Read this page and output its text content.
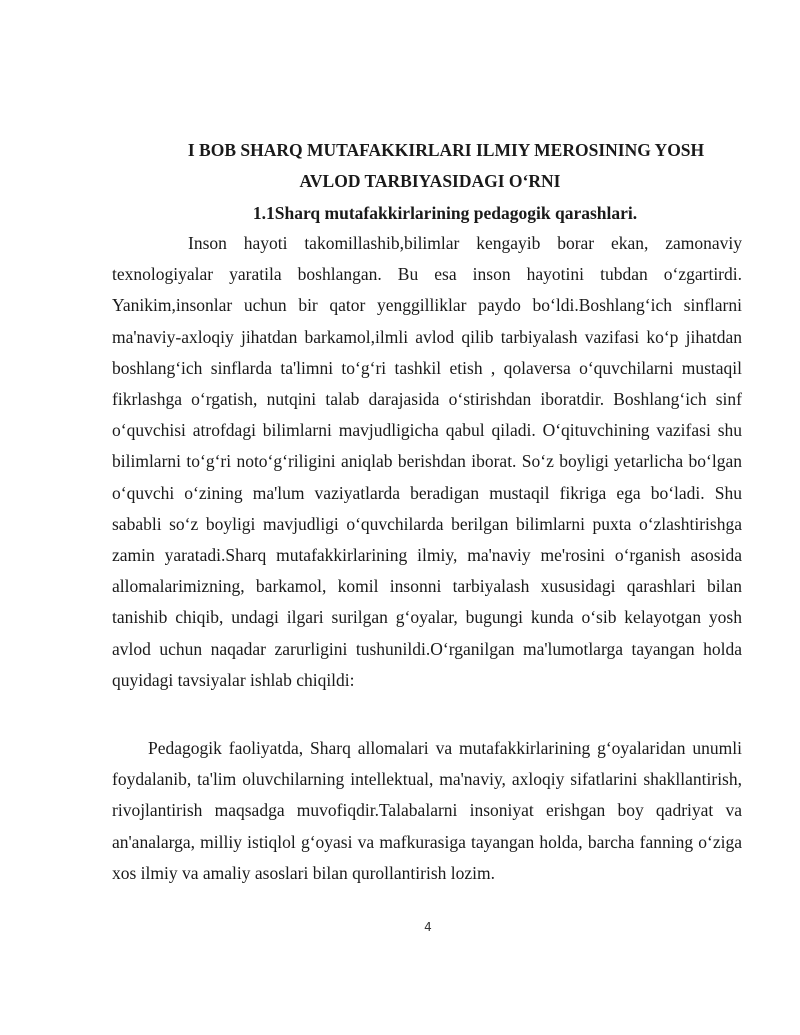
I BOB SHARQ MUTAFAKKIRLARI ILMIY MEROSINING YOSH
AVLOD TARBIYASIDAGI O‘RNI
1.1Sharq mutafakkirlarining pedagogik qarashlari.

Inson hayoti takomillashib,bilimlar kengayib borar ekan, zamonaviy texnologiyalar yaratila boshlangan. Bu esa inson hayotini tubdan o‘zgartirdi. Yanikim,insonlar uchun bir qator yenggilliklar paydo bo‘ldi.Boshlang‘ich sinflarni ma'naviy-axloqiy jihatdan barkamol,ilmli avlod qilib tarbiyalash vazifasi ko‘p jihatdan boshlang‘ich sinflarda ta'limni to‘g‘ri tashkil etish , qolaversa o‘quvchilarni mustaqil fikrlashga o‘rgatish, nutqini talab darajasida o‘stirishdan iboratdir. Boshlang‘ich sinf o‘quvchisi atrofdagi bilimlarni mavjudligicha qabul qiladi. O‘qituvchining vazifasi shu bilimlarni to‘g‘ri noto‘g‘riligini aniqlab berishdan iborat. So‘z boyligi yetarlicha bo‘lgan o‘quvchi o‘zining ma'lum vaziyatlarda beradigan mustaqil fikriga ega bo‘ladi. Shu sababli so‘z boyligi mavjudligi o‘quvchilarda berilgan bilimlarni puxta o‘zlashtirishga zamin yaratadi.Sharq mutafakkirlarining ilmiy, ma'naviy me'rosini o‘rganish asosida allomalarimizning, barkamol, komil insonni tarbiyalash xususidagi qarashlari bilan tanishib chiqib, undagi ilgari surilgan g‘oyalar, bugungi kunda o‘sib kelayotgan yosh avlod uchun naqadar zarurligini tushunildi.O‘rganilgan ma'lumotlarga tayangan holda quyidagi tavsiyalar ishlab chiqildi:

Pedagogik faoliyatda, Sharq allomalari va mutafakkirlarining g‘oyalaridan unumli foydalanib, ta'lim oluvchilarning intellektual, ma'naviy, axloqiy sifatlarini shakllantirish, rivojlantirish maqsadga muvofiqdir.Talabalarni insoniyat erishgan boy qadriyat va an'analarga, milliy istiqlol g‘oyasi va mafkurasiga tayangan holda, barcha fanning o‘ziga xos ilmiy va amaliy asoslari bilan qurollantirish lozim.

4
